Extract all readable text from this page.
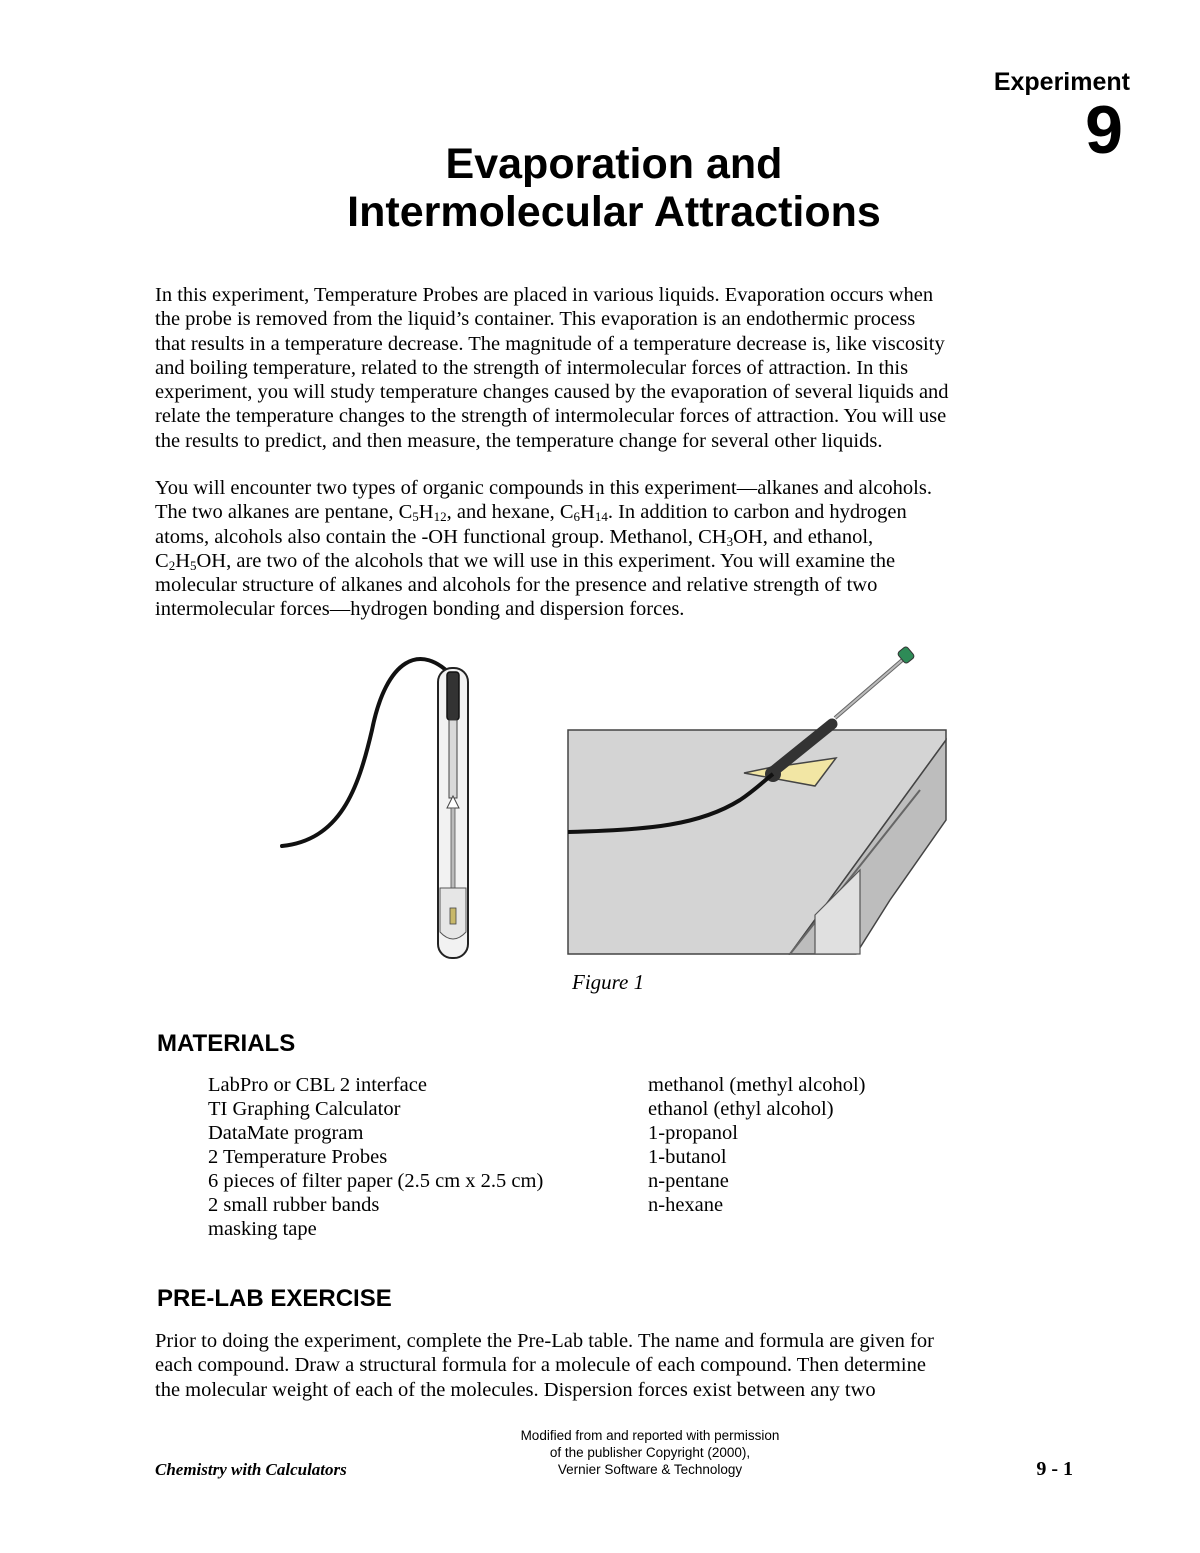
Experiment
9
Evaporation and
Intermolecular Attractions
In this experiment, Temperature Probes are placed in various liquids. Evaporation occurs when
the probe is removed from the liquid’s container. This evaporation is an endothermic process
that results in a temperature decrease. The magnitude of a temperature decrease is, like viscosity
and boiling temperature, related to the strength of intermolecular forces of attraction. In this
experiment, you will study temperature changes caused by the evaporation of several liquids and
relate the temperature changes to the strength of intermolecular forces of attraction. You will use
the results to predict, and then measure, the temperature change for several other liquids.
You will encounter two types of organic compounds in this experiment—alkanes and alcohols.
The two alkanes are pentane, $C_5H_{12}$, and hexane, $C_6H_{14}$. In addition to carbon and hydrogen
atoms, alcohols also contain the -OH functional group. Methanol, $CH_3OH$, and ethanol,
$C_2H_5OH$, are two of the alcohols that we will use in this experiment. You will examine the
molecular structure of alkanes and alcohols for the presence and relative strength of two
intermolecular forces—hydrogen bonding and dispersion forces.
Figure 1
MATERIALS
LabPro or CBL 2 interface
TI Graphing Calculator
DataMate program
2 Temperature Probes
6 pieces of filter paper (2.5 cm x 2.5 cm)
2 small rubber bands
masking tape
methanol (methyl alcohol)
ethanol (ethyl alcohol)
1-propanol
1-butanol
n-pentane
n-hexane
PRE-LAB EXERCISE
Prior to doing the experiment, complete the Pre-Lab table. The name and formula are given for
each compound. Draw a structural formula for a molecule of each compound. Then determine
the molecular weight of each of the molecules. Dispersion forces exist between any two
Chemistry with Calculators
Modified from and reported with permission
of the publisher Copyright (2000),
Vernier Software & Technology	9 - 1
